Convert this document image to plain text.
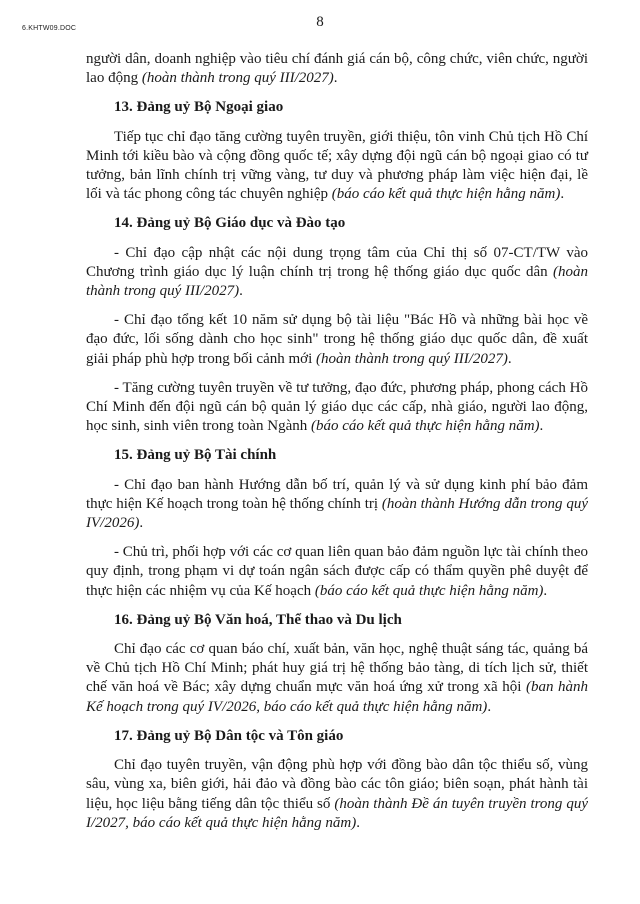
6.KHTW09.DOC	8

người dân, doanh nghiệp vào tiêu chí đánh giá cán bộ, công chức, viên chức, người lao động (hoàn thành trong quý III/2027).

13. Đảng uỷ Bộ Ngoại giao

Tiếp tục chỉ đạo tăng cường tuyên truyền, giới thiệu, tôn vinh Chủ tịch Hồ Chí Minh tới kiều bào và cộng đồng quốc tế; xây dựng đội ngũ cán bộ ngoại giao có tư tưởng, bản lĩnh chính trị vững vàng, tư duy và phương pháp làm việc hiện đại, lề lối và tác phong công tác chuyên nghiệp (báo cáo kết quả thực hiện hằng năm).

14. Đảng uỷ Bộ Giáo dục và Đào tạo

- Chỉ đạo cập nhật các nội dung trọng tâm của Chỉ thị số 07-CT/TW vào Chương trình giáo dục lý luận chính trị trong hệ thống giáo dục quốc dân (hoàn thành trong quý III/2027).

- Chỉ đạo tổng kết 10 năm sử dụng bộ tài liệu "Bác Hồ và những bài học về đạo đức, lối sống dành cho học sinh" trong hệ thống giáo dục quốc dân, đề xuất giải pháp phù hợp trong bối cảnh mới (hoàn thành trong quý III/2027).

- Tăng cường tuyên truyền về tư tưởng, đạo đức, phương pháp, phong cách Hồ Chí Minh đến đội ngũ cán bộ quản lý giáo dục các cấp, nhà giáo, người lao động, học sinh, sinh viên trong toàn Ngành (báo cáo kết quả thực hiện hằng năm).

15. Đảng uỷ Bộ Tài chính

- Chỉ đạo ban hành Hướng dẫn bố trí, quản lý và sử dụng kinh phí bảo đảm thực hiện Kế hoạch trong toàn hệ thống chính trị (hoàn thành Hướng dẫn trong quý IV/2026).

- Chủ trì, phối hợp với các cơ quan liên quan bảo đảm nguồn lực tài chính theo quy định, trong phạm vi dự toán ngân sách được cấp có thẩm quyền phê duyệt để thực hiện các nhiệm vụ của Kế hoạch (báo cáo kết quả thực hiện hằng năm).

16. Đảng uỷ Bộ Văn hoá, Thể thao và Du lịch

Chỉ đạo các cơ quan báo chí, xuất bản, văn học, nghệ thuật sáng tác, quảng bá về Chủ tịch Hồ Chí Minh; phát huy giá trị hệ thống bảo tàng, di tích lịch sử, thiết chế văn hoá về Bác; xây dựng chuẩn mực văn hoá ứng xử trong xã hội (ban hành Kế hoạch trong quý IV/2026, báo cáo kết quả thực hiện hằng năm).

17. Đảng uỷ Bộ Dân tộc và Tôn giáo

Chỉ đạo tuyên truyền, vận động phù hợp với đồng bào dân tộc thiểu số, vùng sâu, vùng xa, biên giới, hải đảo và đồng bào các tôn giáo; biên soạn, phát hành tài liệu, học liệu bằng tiếng dân tộc thiểu số (hoàn thành Đề án tuyên truyền trong quý I/2027, báo cáo kết quả thực hiện hằng năm).
